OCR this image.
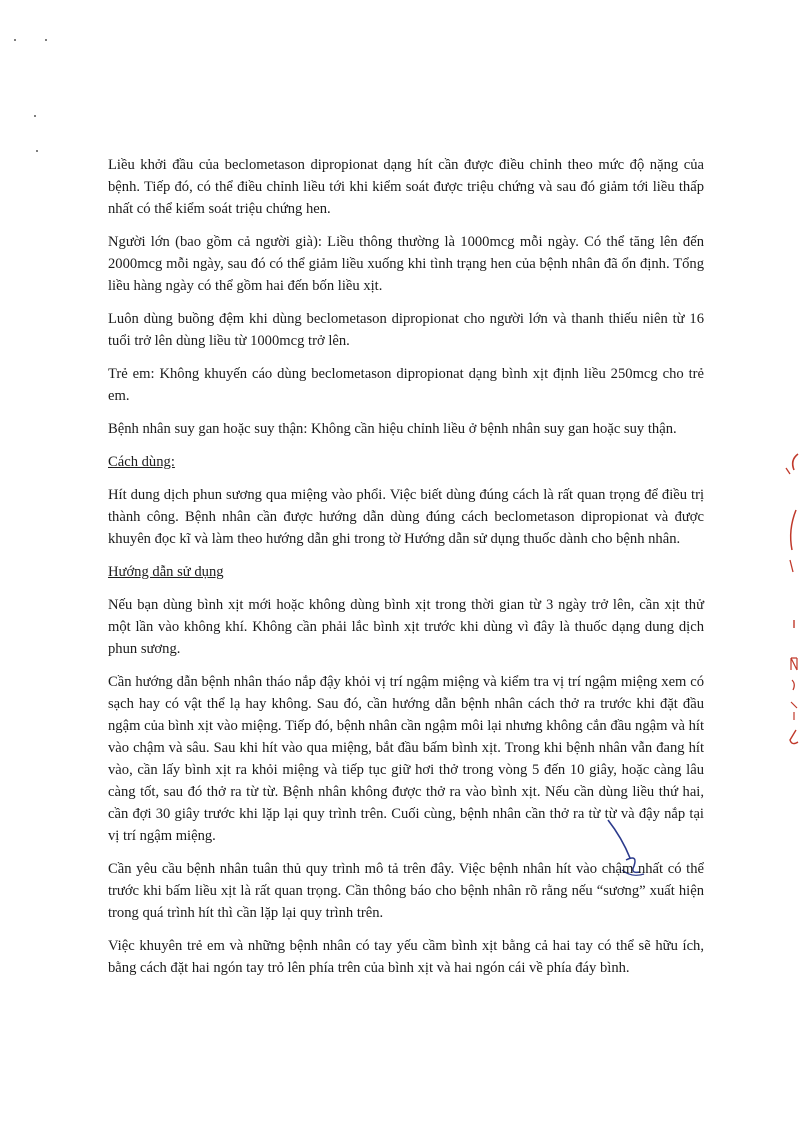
Liều khởi đầu của beclometason dipropionat dạng hít cần được điều chỉnh theo mức độ nặng của bệnh. Tiếp đó, có thể điều chỉnh liều tới khi kiểm soát được triệu chứng và sau đó giảm tới liều thấp nhất có thể kiểm soát triệu chứng hen.

Người lớn (bao gồm cả người già): Liều thông thường là 1000mcg mỗi ngày. Có thể tăng lên đến 2000mcg mỗi ngày, sau đó có thể giảm liều xuống khi tình trạng hen của bệnh nhân đã ổn định. Tổng liều hàng ngày có thể gồm hai đến bốn liều xịt.

Luôn dùng buồng đệm khi dùng beclometason dipropionat cho người lớn và thanh thiếu niên từ 16 tuổi trở lên dùng liều từ 1000mcg trở lên.

Trẻ em: Không khuyến cáo dùng beclometason dipropionat dạng bình xịt định liều 250mcg cho trẻ em.

Bệnh nhân suy gan hoặc suy thận: Không cần hiệu chỉnh liều ở bệnh nhân suy gan hoặc suy thận.

Cách dùng:

Hít dung dịch phun sương qua miệng vào phổi. Việc biết dùng đúng cách là rất quan trọng để điều trị thành công. Bệnh nhân cần được hướng dẫn dùng đúng cách beclometason dipropionat và được khuyên đọc kĩ và làm theo hướng dẫn ghi trong tờ Hướng dẫn sử dụng thuốc dành cho bệnh nhân.

Hướng dẫn sử dụng

Nếu bạn dùng bình xịt mới hoặc không dùng bình xịt trong thời gian từ 3 ngày trở lên, cần xịt thử một lần vào không khí. Không cần phải lắc bình xịt trước khi dùng vì đây là thuốc dạng dung dịch phun sương.

Cần hướng dẫn bệnh nhân tháo nắp đậy khỏi vị trí ngậm miệng và kiểm tra vị trí ngậm miệng xem có sạch hay có vật thể lạ hay không. Sau đó, cần hướng dẫn bệnh nhân cách thở ra trước khi đặt đầu ngậm của bình xịt vào miệng. Tiếp đó, bệnh nhân cần ngậm môi lại nhưng không cắn đầu ngậm và hít vào chậm và sâu. Sau khi hít vào qua miệng, bắt đầu bấm bình xịt. Trong khi bệnh nhân vẫn đang hít vào, cần lấy bình xịt ra khỏi miệng và tiếp tục giữ hơi thở trong vòng 5 đến 10 giây, hoặc càng lâu càng tốt, sau đó thở ra từ từ. Bệnh nhân không được thở ra vào bình xịt. Nếu cần dùng liều thứ hai, cần đợi 30 giây trước khi lặp lại quy trình trên. Cuối cùng, bệnh nhân cần thở ra từ từ và đậy nắp tại vị trí ngậm miệng.

Cần yêu cầu bệnh nhân tuân thủ quy trình mô tả trên đây. Việc bệnh nhân hít vào chậm nhất có thể trước khi bấm liều xịt là rất quan trọng. Cần thông báo cho bệnh nhân rõ rằng nếu “sương” xuất hiện trong quá trình hít thì cần lặp lại quy trình trên.

Việc khuyên trẻ em và những bệnh nhân có tay yếu cầm bình xịt bằng cả hai tay có thể sẽ hữu ích, bằng cách đặt hai ngón tay trỏ lên phía trên của bình xịt và hai ngón cái về phía đáy bình.
